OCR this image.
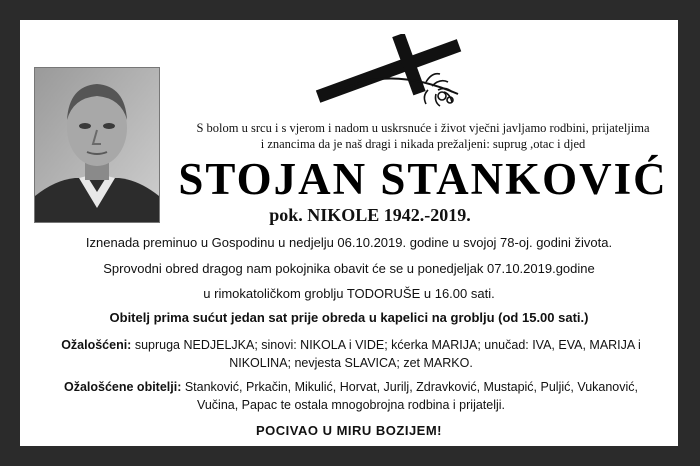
S bolom u srcu i s vjerom i nadom u uskrsnuće i život vječni javljamo rodbini, prijateljima
i znancima da je naš dragi i nikada prežaljeni: suprug ,otac i djed
STOJAN STANKOVIĆ
pok. NIKOLE 1942.-2019.
Iznenada preminuo u Gospodinu u nedjelju 06.10.2019. godine u svojoj 78-oj. godini života.
Sprovodni obred dragog nam pokojnika obavit će se u ponedjeljak 07.10.2019.godine
u rimokatoličkom groblju TODORUŠE u 16.00 sati.
Obitelj prima sućut jedan sat prije obreda u kapelici na groblju (od 15.00 sati.)
Ožalošćeni: supruga NEDJELJKA; sinovi: NIKOLA i VIDE; kćerka MARIJA; unučad: IVA, EVA, MARIJA i NIKOLINA; nevjesta SLAVICA; zet MARKO.
Ožalošćene obitelji: Stanković, Prkačin, Mikulić, Horvat, Jurilj, Zdravković, Mustapić, Puljić, Vukanović, Vučina, Papac te ostala mnogobrojna rodbina i prijatelji.
POCIVAO U MIRU BOZIJEM!
